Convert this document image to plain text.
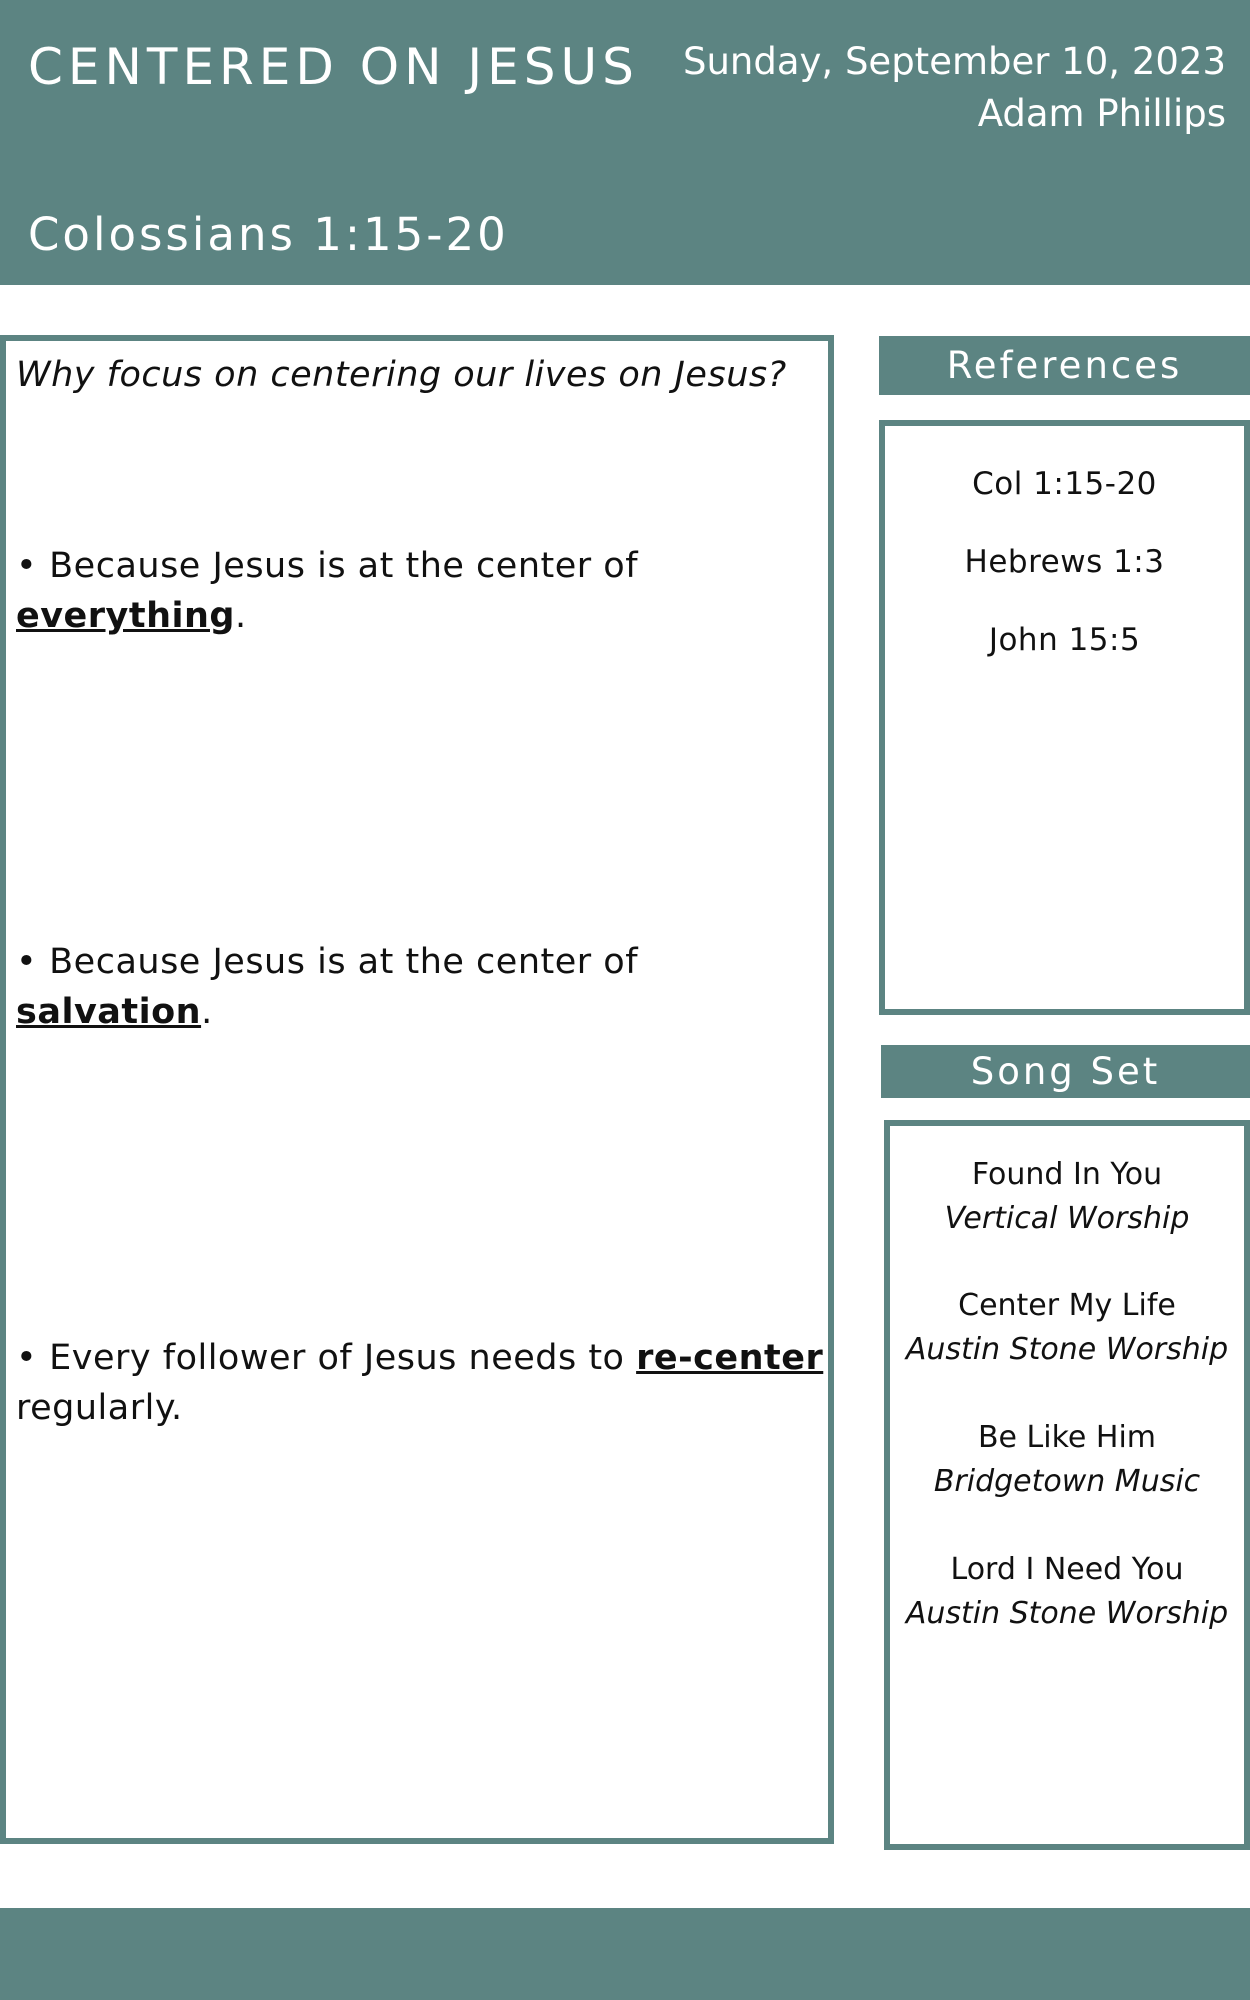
CENTERED ON JESUS Sunday, September 10, 2023
Adam Phillips
Colossians 1:15-20
Why focus on centering our lives on Jesus?
• Because Jesus is at the center of everything.
• Because Jesus is at the center of salvation.
• Every follower of Jesus needs to re-center regularly.
References
Col 1:15-20
Hebrews 1:3
John 15:5
Song Set
Found In You
Vertical Worship
Center My Life
Austin Stone Worship
Be Like Him
Bridgetown Music
Lord I Need You
Austin Stone Worship
